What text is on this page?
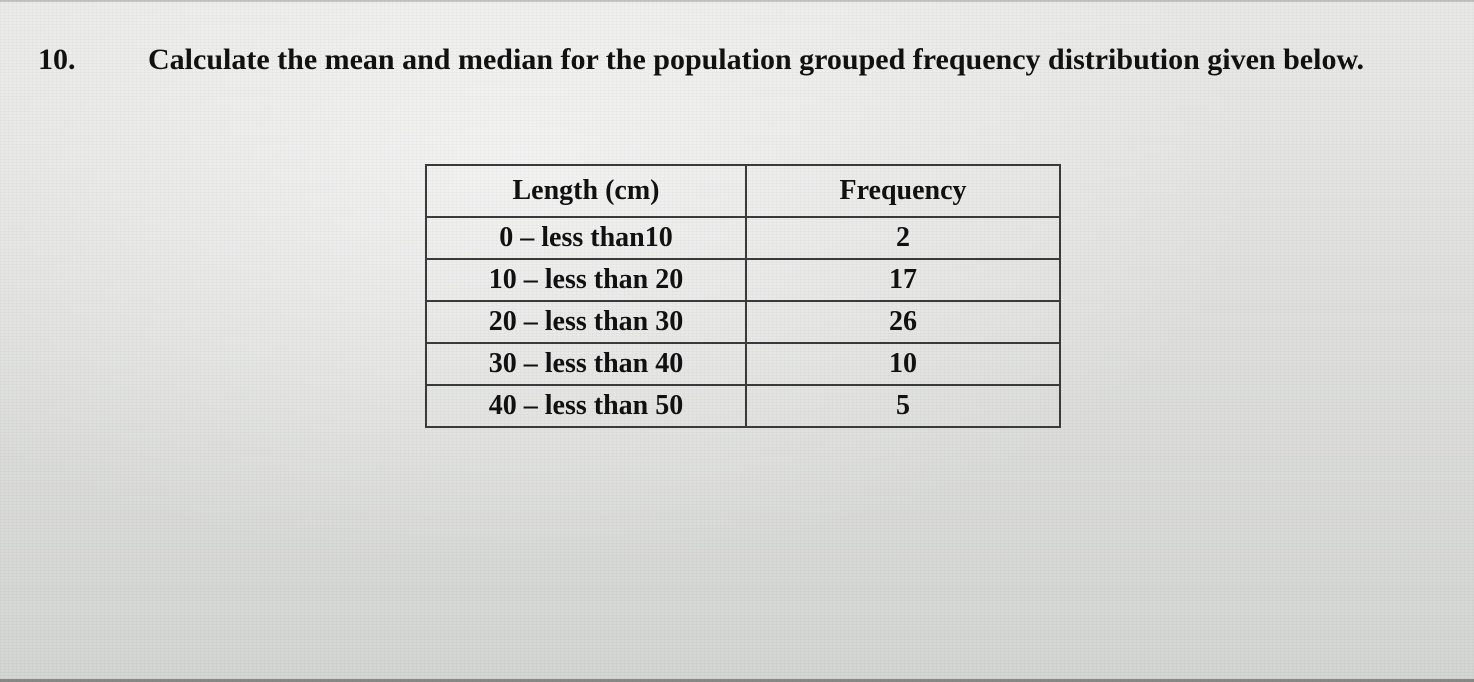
10. Calculate the mean and median for the population grouped frequency distribution given below.
Length (cm)	Frequency
0 – less than10	2
10 – less than 20	17
20 – less than 30	26
30 – less than 40	10
40 – less than 50	5
